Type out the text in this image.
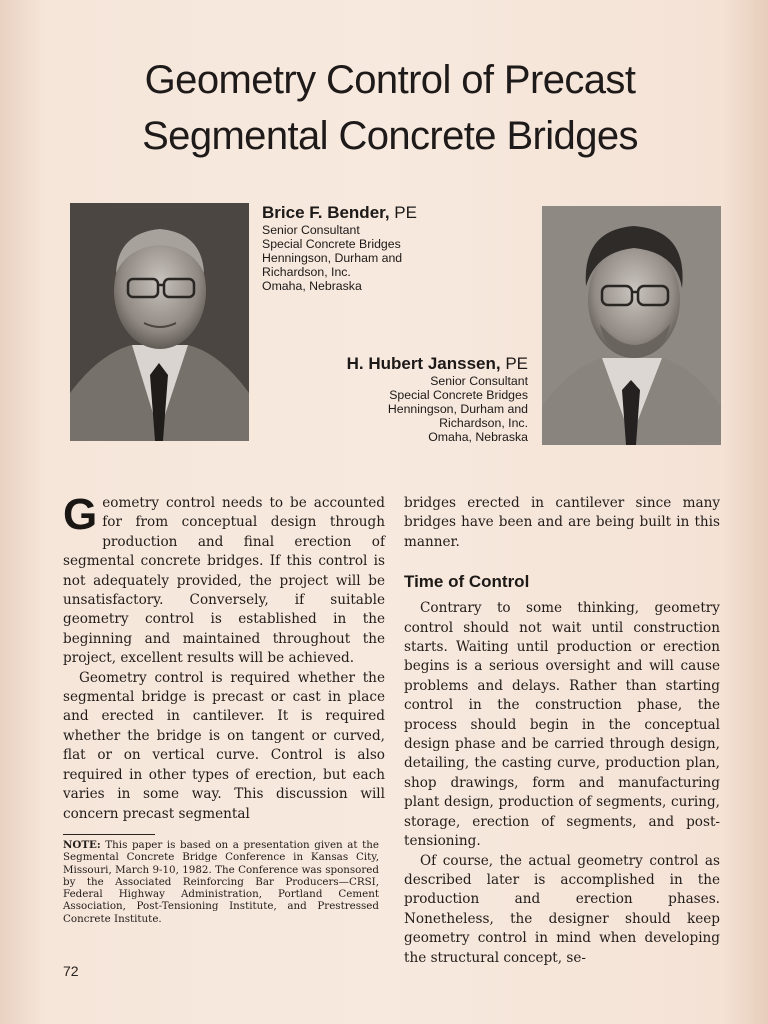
Geometry Control of Precast
Segmental Concrete Bridges
Brice F. Bender, PE
Senior Consultant
Special Concrete Bridges
Henningson, Durham and
Richardson, Inc.
Omaha, Nebraska
H. Hubert Janssen, PE
Senior Consultant
Special Concrete Bridges
Henningson, Durham and
Richardson, Inc.
Omaha, Nebraska

Geometry control needs to be accounted for from conceptual design through production and final erection of segmental concrete bridges. If this control is not adequately provided, the project will be unsatisfactory. Conversely, if suitable geometry control is established in the beginning and maintained throughout the project, excellent results will be achieved.

Geometry control is required whether the segmental bridge is precast or cast in place and erected in cantilever. It is required whether the bridge is on tangent or curved, flat or on vertical curve. Control is also required in other types of erection, but each varies in some way. This discussion will concern precast segmental

NOTE: This paper is based on a presentation given at the Segmental Concrete Bridge Conference in Kansas City, Missouri, March 9-10, 1982. The Conference was sponsored by the Associated Reinforcing Bar Producers—CRSI, Federal Highway Administration, Portland Cement Association, Post-Tensioning Institute, and Prestressed Concrete Institute.

bridges erected in cantilever since many bridges have been and are being built in this manner.

Time of Control

Contrary to some thinking, geometry control should not wait until construction starts. Waiting until production or erection begins is a serious oversight and will cause problems and delays. Rather than starting control in the construction phase, the process should begin in the conceptual design phase and be carried through design, detailing, the casting curve, production plan, shop drawings, form and manufacturing plant design, production of segments, curing, storage, erection of segments, and post-tensioning.

Of course, the actual geometry control as described later is accomplished in the production and erection phases. Nonetheless, the designer should keep geometry control in mind when developing the structural concept, se-

72
